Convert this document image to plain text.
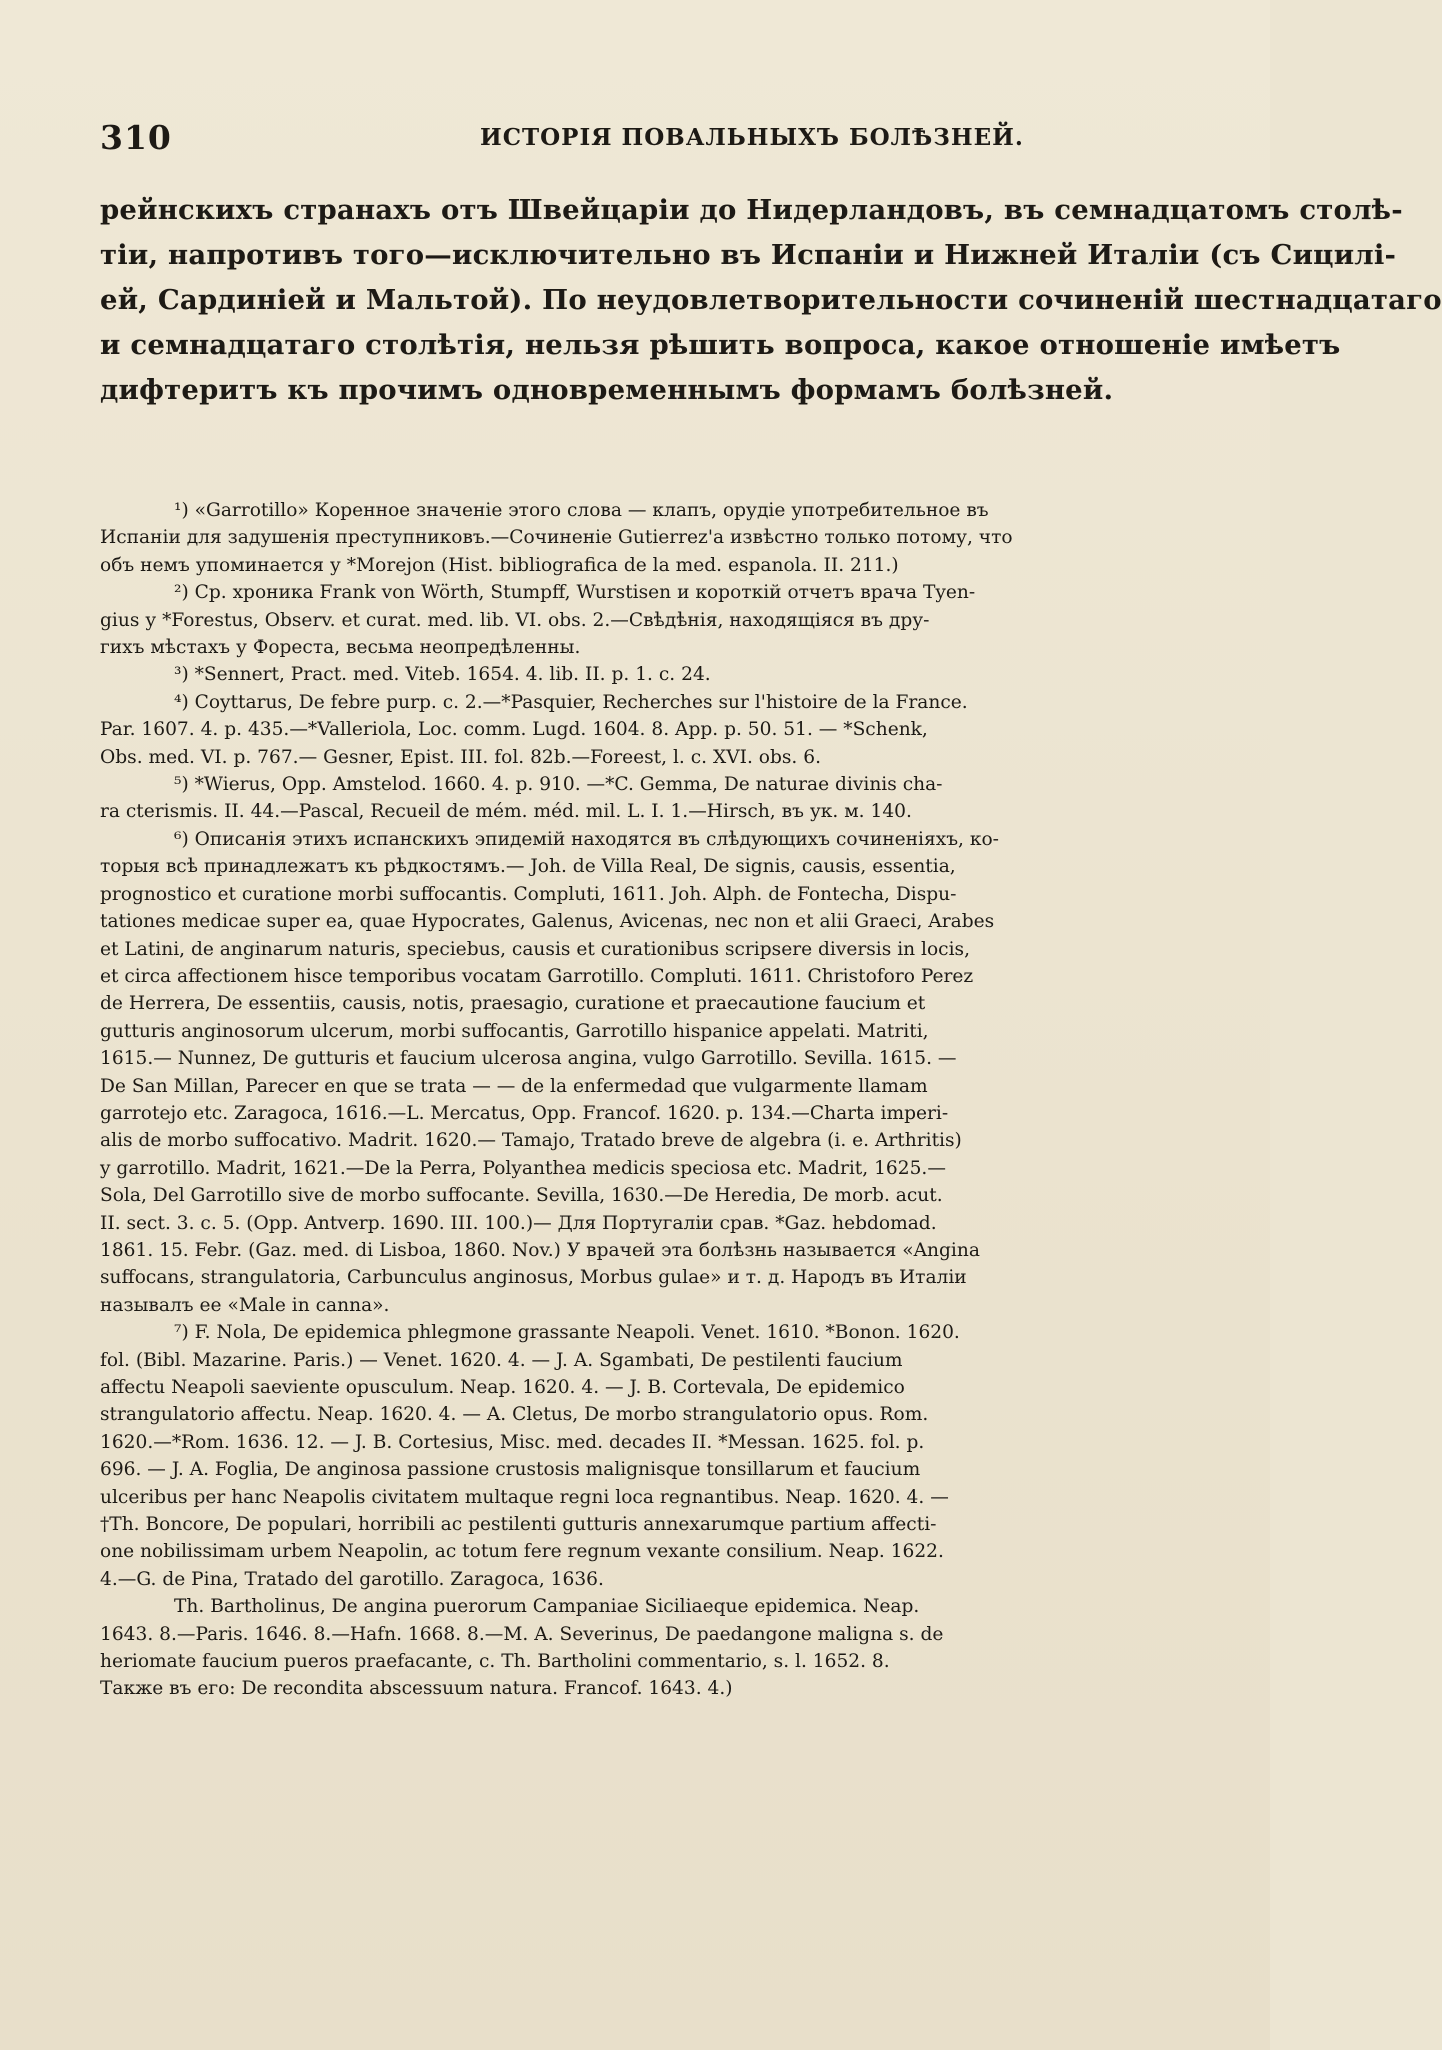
310	ИСТОРІЯ ПОВАЛЬНЫХЪ БОЛѢЗНЕЙ.
рейнскихъ странахъ отъ Швейцаріи до Нидерландовъ, въ семнадцатомъ столѣ-
тіи, напротивъ того—исключительно въ Испаніи и Нижней Италіи (съ Сицилі-
ей, Сардиніей и Мальтой). По неудовлетворительности сочиненій шестнадцатаго
и семнадцатаго столѣтія, нельзя рѣшить вопроса, какое отношеніе имѣетъ
дифтеритъ къ прочимъ одновременнымъ формамъ болѣзней.
¹) «Garrotillo» Коренное значеніе этого слова — клапъ, орудіе употребительное въ
Испаніи для задушенія преступниковъ.—Сочиненіе Gutierrez'а извѣстно только потому, что
объ немъ упоминается у *Morejon (Hist. bibliografica de la med. espanola. II. 211.)
²) Ср. хроника Frank von Wörth, Stumpff, Wurstisen и короткій отчетъ врача Tyen-
gius у *Forestus, Observ. et curat. med. lib. VI. obs. 2.—Свѣдѣнія, находящіяся въ дру-
гихъ мѣстахъ у Фореста, весьма неопредѣленны.
³) *Sennert, Pract. med. Viteb. 1654. 4. lib. II. p. 1. c. 24.
⁴) Coyttarus, De febre purp. c. 2.—*Pasquier, Recherches sur l'histoire de la France.
Par. 1607. 4. p. 435.—*Valleriola, Loc. comm. Lugd. 1604. 8. App. p. 50. 51. — *Schenk,
Obs. med. VI. p. 767.— Gesner, Epist. III. fol. 82b.—Foreest, l. c. XVI. obs. 6.
⁵) *Wierus, Opp. Amstelod. 1660. 4. p. 910. —*C. Gemma, De naturae divinis cha-
ra cterismis. II. 44.—Pascal, Recueil de mém. méd. mil. L. I. 1.—Hirsch, въ ук. м. 140.
⁶) Описанія этихъ испанскихъ эпидемій находятся въ слѣдующихъ сочиненіяхъ, ко-
торыя всѣ принадлежатъ къ рѣдкостямъ.— Joh. de Villa Real, De signis, causis, essentia,
prognostico et curatione morbi suffocantis. Compluti, 1611. Joh. Alph. de Fontecha, Dispu-
tationes medicae super ea, quae Hypocrates, Galenus, Avicenas, nec non et alii Graeci, Arabes
et Latini, de anginarum naturis, speciebus, causis et curationibus scripsere diversis in locis,
et circa affectionem hisce temporibus vocatam Garrotillo. Compluti. 1611. Christoforo Perez
de Herrera, De essentiis, causis, notis, praesagio, curatione et praecautione faucium et
gutturis anginosorum ulcerum, morbi suffocantis, Garrotillo hispanice appelati. Matriti,
1615.— Nunnez, De gutturis et faucium ulcerosa angina, vulgo Garrotillo. Sevilla. 1615. —
De San Millan, Parecer en que se trata — — de la enfermedad que vulgarmente llamam
garrotejo etc. Zaragoca, 1616.—L. Mercatus, Opp. Francof. 1620. p. 134.—Charta imperi-
alis de morbo suffocativo. Madrit. 1620.— Tamajo, Tratado breve de algebra (i. e. Arthritis)
y garrotillo. Madrit, 1621.—De la Perra, Polyanthea medicis speciosa etc. Madrit, 1625.—
Sola, Del Garrotillo sive de morbo suffocante. Sevilla, 1630.—De Heredia, De morb. acut.
II. sect. 3. c. 5. (Opp. Antverp. 1690. III. 100.)— Для Португаліи срав. *Gaz. hebdomad.
1861. 15. Febr. (Gaz. med. di Lisboa, 1860. Nov.) У врачей эта болѣзнь называется «Angina
suffocans, strangulatoria, Carbunculus anginosus, Morbus gulae» и т. д. Народъ въ Италіи
называлъ ее «Male in canna».
⁷) F. Nola, De epidemica phlegmone grassante Neapoli. Venet. 1610. *Bonon. 1620.
fol. (Bibl. Mazarine. Paris.) — Venet. 1620. 4. — J. A. Sgambati, De pestilenti faucium
affectu Neapoli saeviente opusculum. Neap. 1620. 4. — J. B. Cortevala, De epidemico
strangulatorio affectu. Neap. 1620. 4. — A. Cletus, De morbo strangulatorio opus. Rom.
1620.—*Rom. 1636. 12. — J. B. Cortesius, Misc. med. decades II. *Messan. 1625. fol. p.
696. — J. A. Foglia, De anginosa passione crustosis malignisque tonsillarum et faucium
ulceribus per hanc Neapolis civitatem multaque regni loca regnantibus. Neap. 1620. 4. —
†Th. Boncore, De populari, horribili ac pestilenti gutturis annexarumque partium affecti-
one nobilissimam urbem Neapolin, ac totum fere regnum vexante consilium. Neap. 1622.
4.—G. de Pina, Tratado del garotillo. Zaragoca, 1636.
Th. Bartholinus, De angina puerorum Campaniae Siciliaeque epidemica. Neap.
1643. 8.—Paris. 1646. 8.—Hafn. 1668. 8.—M. A. Severinus, De paedangone maligna s. de
heriomate faucium pueros praefacante, c. Th. Bartholini commentario, s. l. 1652. 8.
Также въ его: De recondita abscessuum natura. Francof. 1643. 4.)
